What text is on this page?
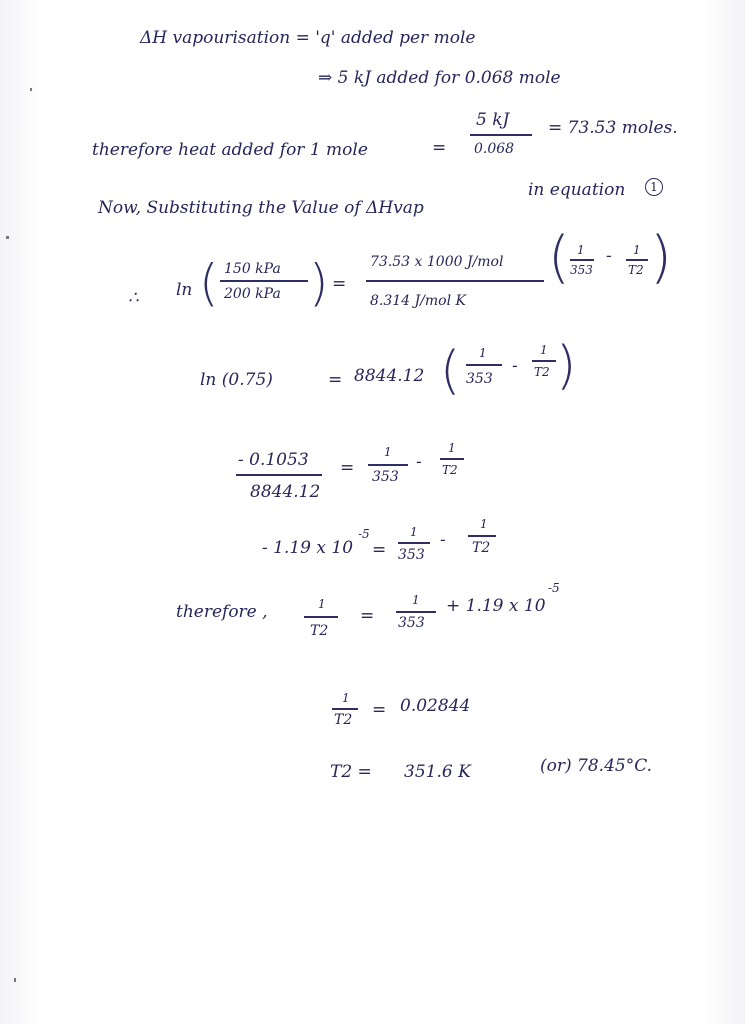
ΔH vapourisation = 'q' added per mole
⇒ 5 kJ added for 0.068 mole
therefore heat added for 1 mole	=
5 kJ
0.068
= 73.53 moles.
Now, Substituting the Value of ΔHvap
in equation	1
∴ ln ( 150 kPa
200 kPa ) =
73.53 x 1000 J/mol
8.314 J/mol K
( 1
353
- 1
T2 )
ln (0.75)	= 8844.12 ( 1
353
-
1
T2 )
- 0.1053
8844.12
=
1
353
-
1
T2
- 1.19 x 10
-5
=
1
353
-
1
T2
therefore ,	1
T2
=
1
353
+ 1.19 x 10
-5
1
T2 = 0.02844
T2 = 351.6 K	(or) 78.45°C.
